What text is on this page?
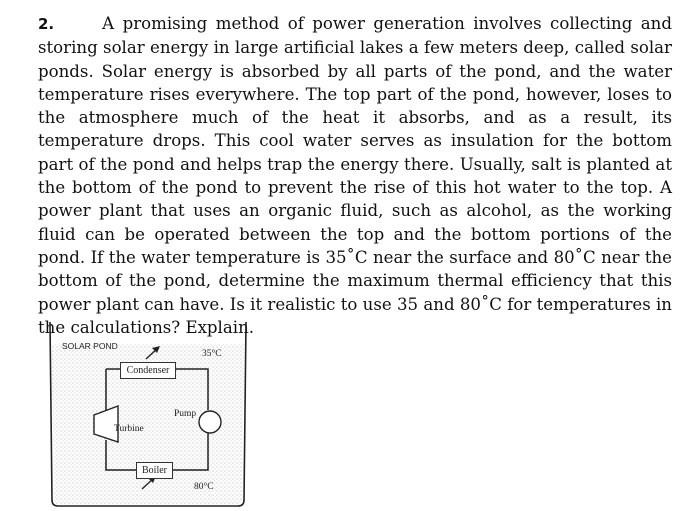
2.	A promising method of power generation involves collecting and storing solar energy in large artificial lakes a few meters deep, called solar ponds. Solar energy is absorbed by all parts of the pond, and the water temperature rises everywhere. The top part of the pond, however, loses to the atmosphere much of the heat it absorbs, and as a result, its temperature drops. This cool water serves as insulation for the bottom part of the pond and helps trap the energy there. Usually, salt is planted at the bottom of the pond to prevent the rise of this hot water to the top. A power plant that uses an organic fluid, such as alcohol, as the working fluid can be operated between the top and the bottom portions of the pond. If the water temperature is 35˚C near the surface and 80˚C near the bottom of the pond, determine the maximum thermal efficiency that this power plant can have. Is it realistic to use 35 and 80˚C for temperatures in the calculations? Explain.

SOLAR POND
35°C
Condenser
Pump
Turbine
Boiler
80°C
